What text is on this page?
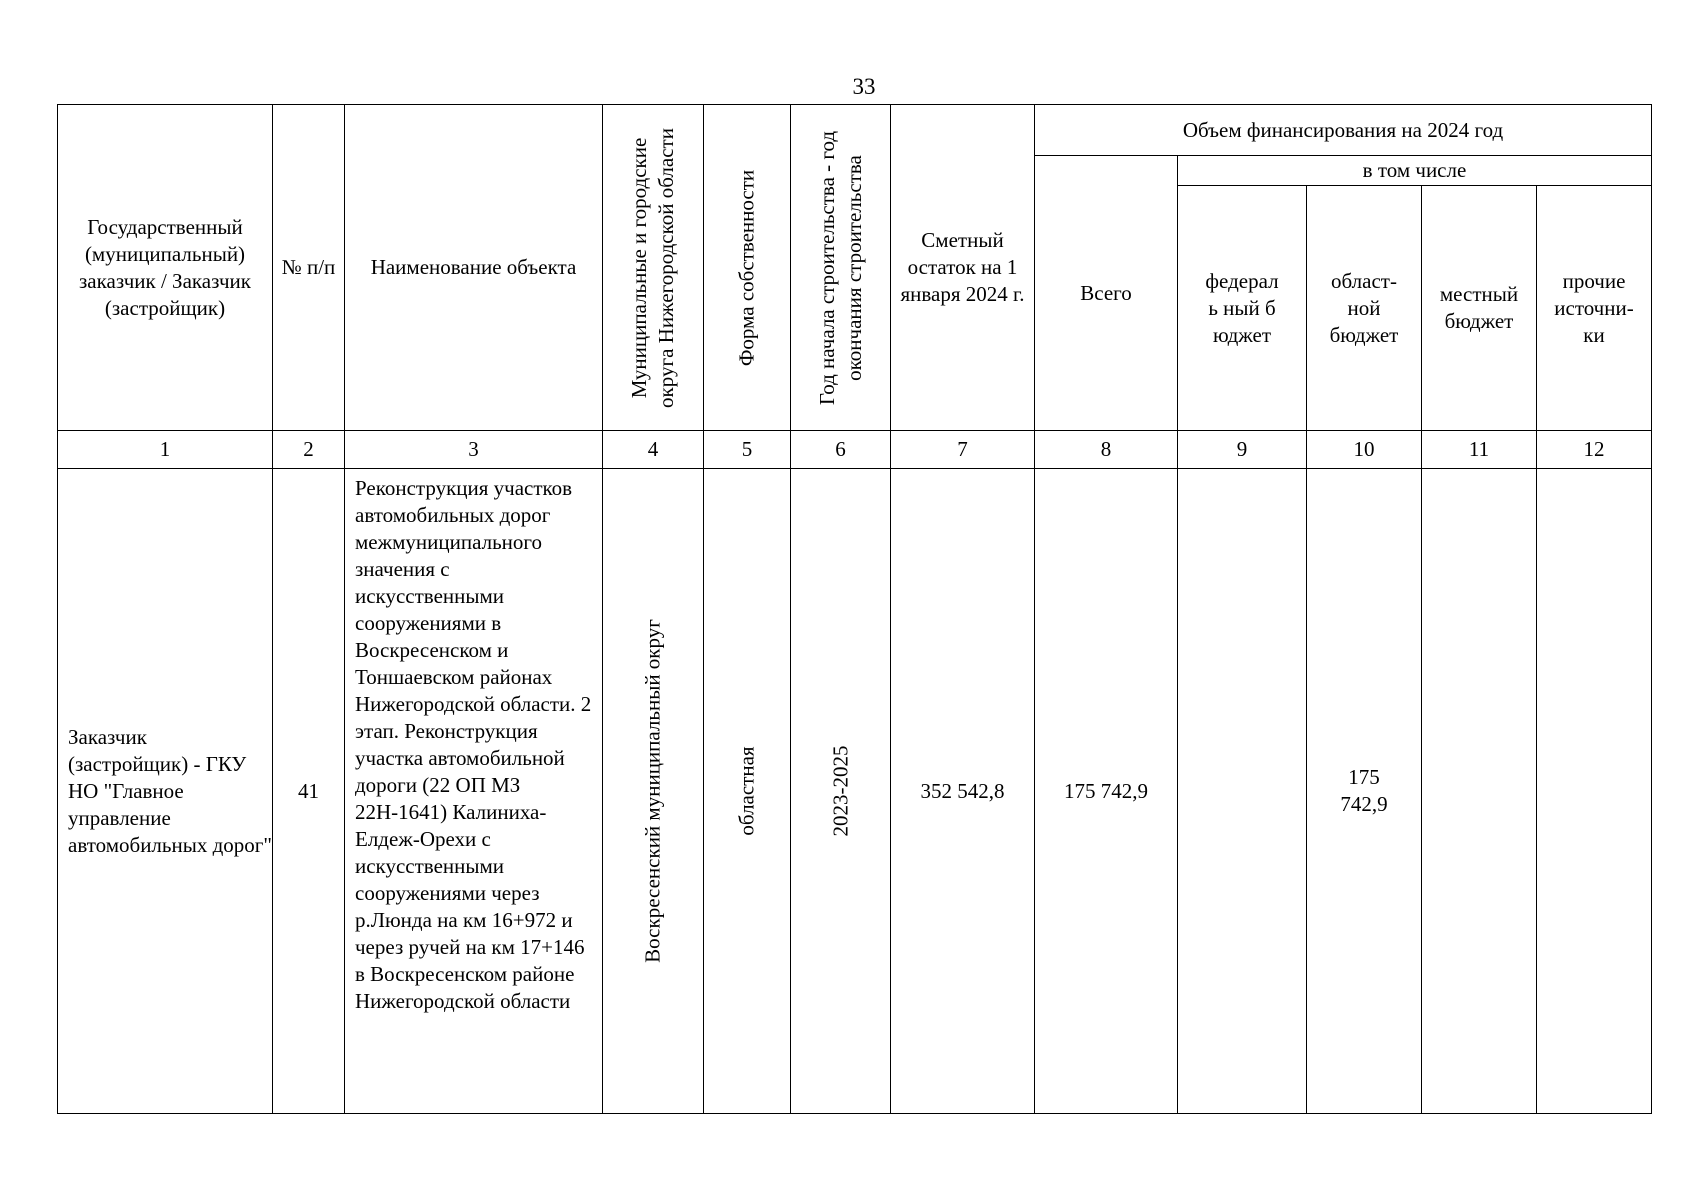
33
Государственный (муниципальный) заказчик / Заказчик (застройщик)	№ п/п	Наименование объекта	Муниципальные и городские округа Нижегородской области	Форма собственности	Год начала строительства - год окончания строительства	Сметный остаток на 1 января 2024 г.	Объем финансирования на 2024 год				
							Всего	в том числе			

								федераль ный бюджет	област- ной бюджет	местный бюджет	прочие источни- ки

1	2	3	4	5	6	7	8	9	10	11	12
Заказчик (застройщик) - ГКУ НО "Главное управление автомобильных дорог"	41	Реконструкция участков автомобильных дорог межмуниципального значения с искусственными сооружениями в Воскресенском и Тоншаевском районах Нижегородской области. 2 этап. Реконструкция участка автомобильной дороги (22 ОП МЗ 22Н-1641) Калиниха-Елдеж-Орехи с искусственными сооружениями через р.Люнда на км 16+972 и через ручей на км 17+146 в Воскресенском районе Нижегородской области	Воскресенский муниципальный округ	областная	2023-2025	352 542,8	175 742,9		175 742,9		
